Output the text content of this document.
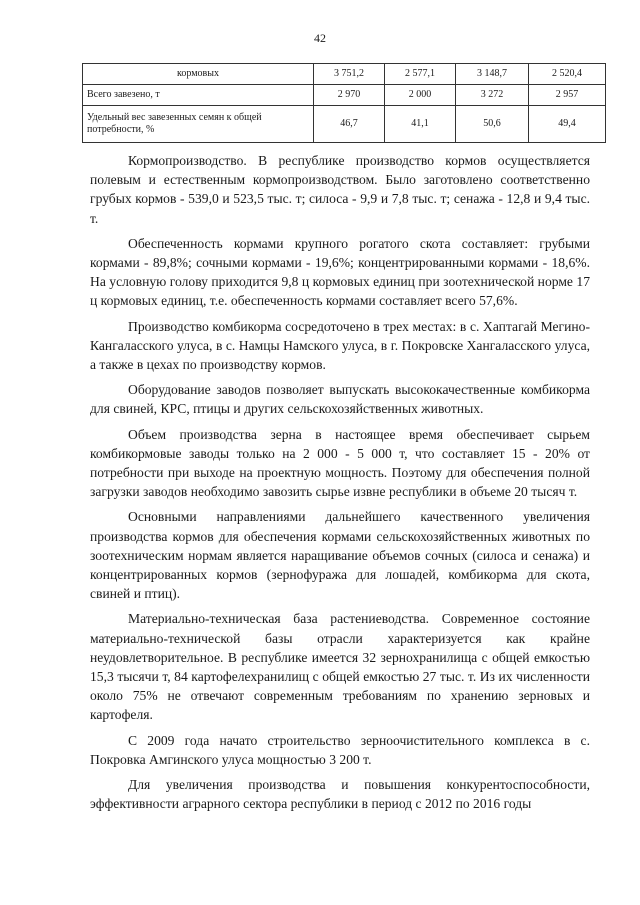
42
кормовых	3 751,2	2 577,1	3 148,7	2 520,4
Всего завезено, т	2 970	2 000	3 272	2 957
Удельный вес завезенных семян к общей потребности, %	46,7	41,1	50,6	49,4

Кормопроизводство. В республике производство кормов осуществляется полевым и естественным кормопроизводством. Было заготовлено соответственно грубых кормов - 539,0 и 523,5 тыс. т; силоса - 9,9 и 7,8 тыс. т; сенажа - 12,8 и 9,4 тыс. т.

Обеспеченность кормами крупного рогатого скота составляет: грубыми кормами - 89,8%; сочными кормами - 19,6%; концентрированными кормами - 18,6%. На условную голову приходится 9,8 ц кормовых единиц при зоотехнической норме 17 ц кормовых единиц, т.е. обеспеченность кормами составляет всего 57,6%.

Производство комбикорма сосредоточено в трех местах: в с. Хаптагай Мегино-Кангаласского улуса, в с. Намцы Намского улуса, в г. Покровске Хангаласского улуса, а также в цехах по производству кормов.

Оборудование заводов позволяет выпускать высококачественные комбикорма для свиней, КРС, птицы и других сельскохозяйственных животных.

Объем производства зерна в настоящее время обеспечивает сырьем комбикормовые заводы только на 2 000 - 5 000 т, что составляет 15 - 20% от потребности при выходе на проектную мощность. Поэтому для обеспечения полной загрузки заводов необходимо завозить сырье извне республики в объеме 20 тысяч т.

Основными направлениями дальнейшего качественного увеличения производства кормов для обеспечения кормами сельскохозяйственных животных по зоотехническим нормам является наращивание объемов сочных (силоса и сенажа) и концентрированных кормов (зернофуража для лошадей, комбикорма для скота, свиней и птиц).

Материально-техническая база растениеводства. Современное состояние материально-технической базы отрасли характеризуется как крайне неудовлетворительное. В республике имеется 32 зернохранилища с общей емкостью 15,3 тысячи т, 84 картофелехранилищ с общей емкостью 27 тыс. т. Из их численности около 75% не отвечают современным требованиям по хранению зерновых и картофеля.

С 2009 года начато строительство зерноочистительного комплекса в с. Покровка Амгинского улуса мощностью 3 200 т.

Для увеличения производства и повышения конкурентоспособности, эффективности аграрного сектора республики в период с 2012 по 2016 годы
